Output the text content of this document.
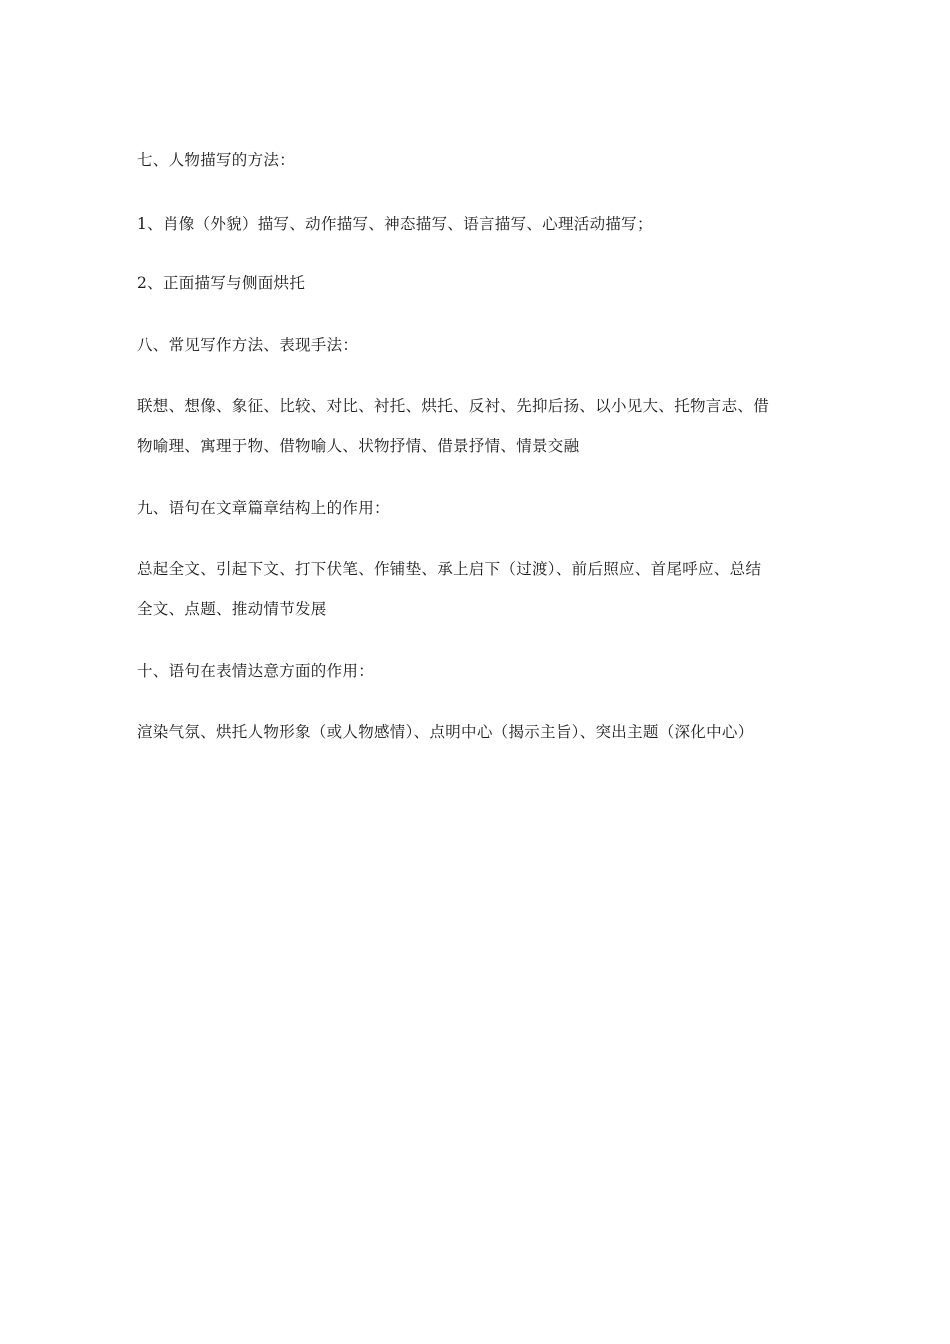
七、人物描写的方法：
1、肖像（外貌）描写、动作描写、神态描写、语言描写、心理活动描写；
2、正面描写与侧面烘托
八、常见写作方法、表现手法：
联想、想像、象征、比较、对比、衬托、烘托、反衬、先抑后扬、以小见大、托物言志、借
物喻理、寓理于物、借物喻人、状物抒情、借景抒情、情景交融
九、语句在文章篇章结构上的作用：
总起全文、引起下文、打下伏笔、作铺垫、承上启下（过渡）、前后照应、首尾呼应、总结
全文、点题、推动情节发展
十、语句在表情达意方面的作用：
渲染气氛、烘托人物形象（或人物感情）、点明中心（揭示主旨）、突出主题（深化中心）
